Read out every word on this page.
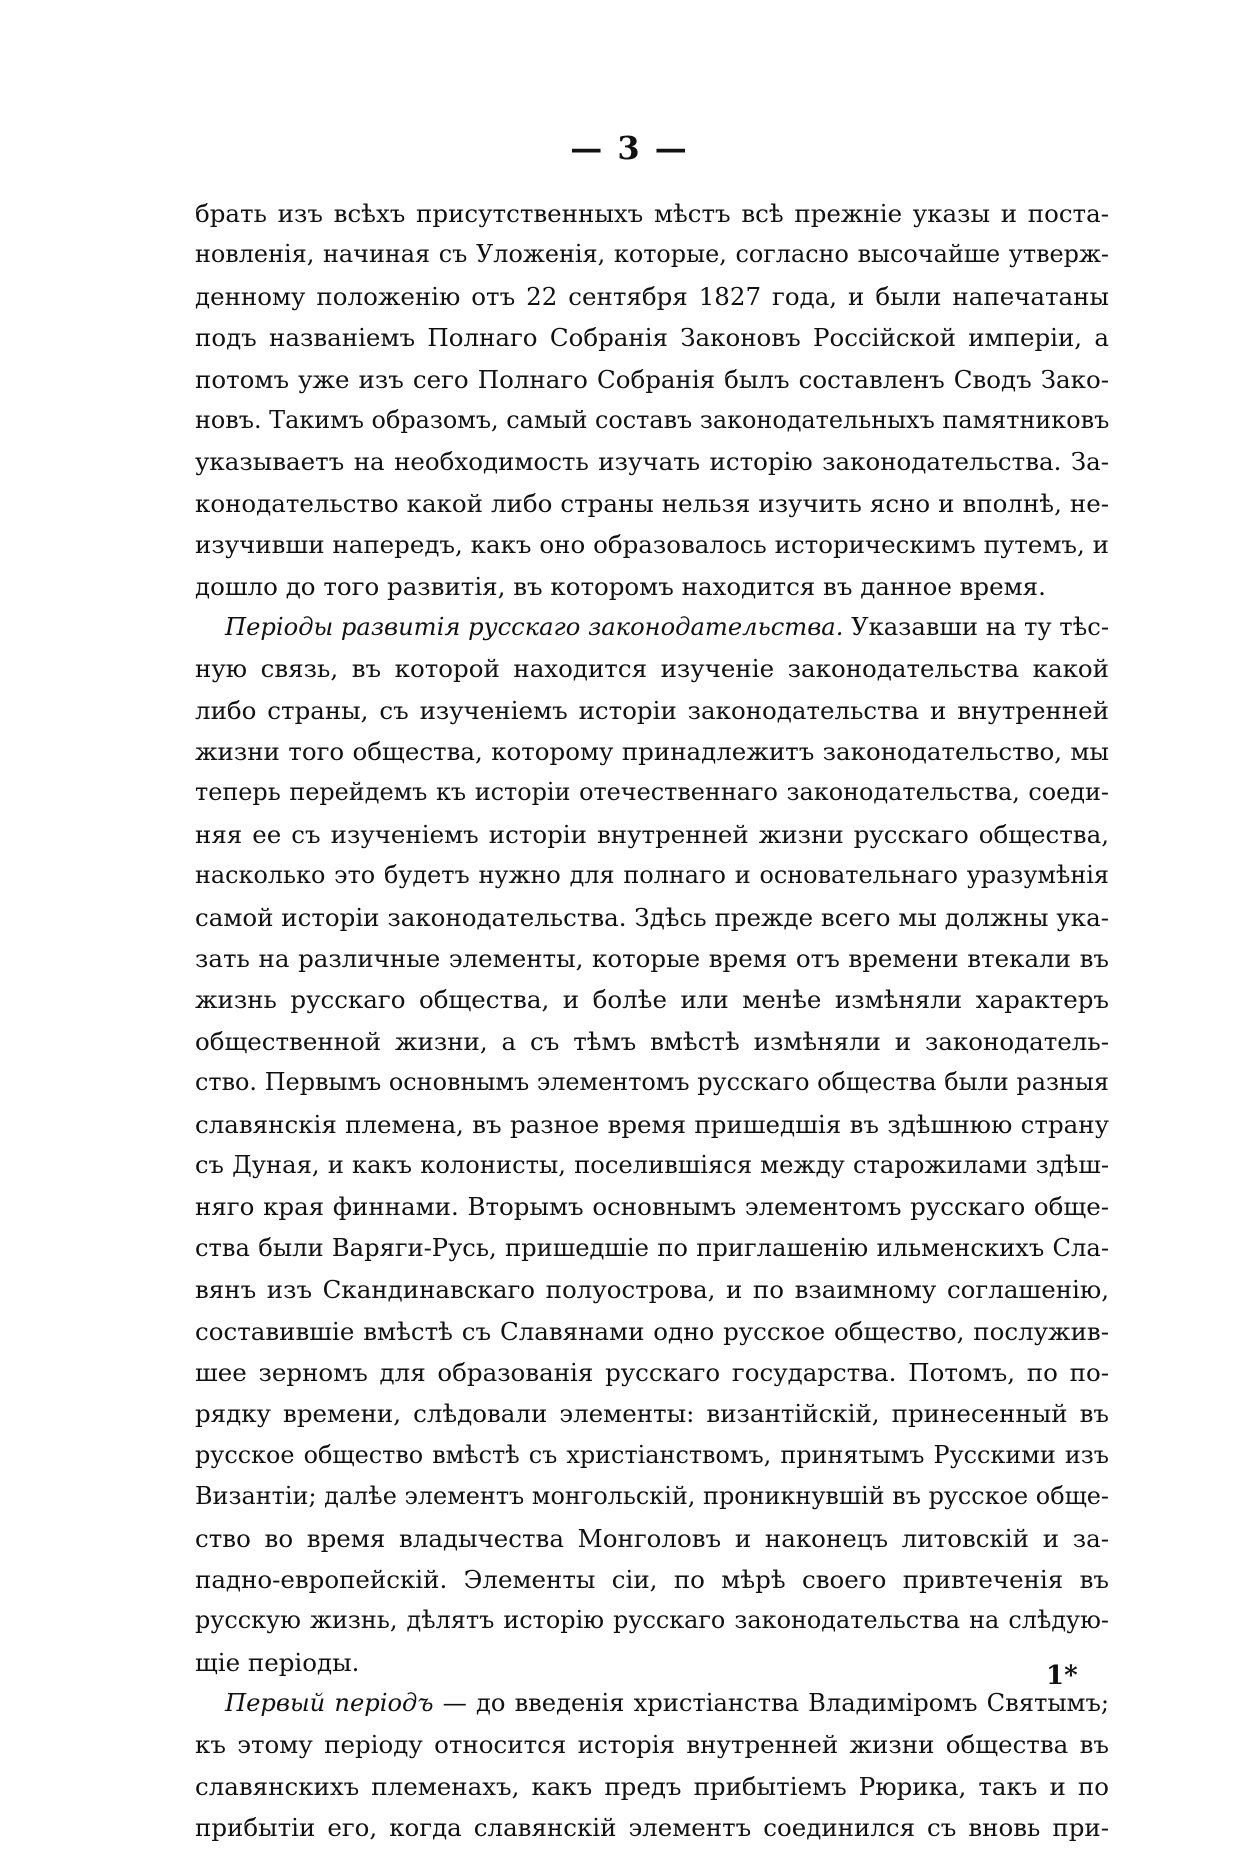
— 3 —
брать изъ всѣхъ присутственныхъ мѣстъ всѣ прежніе указы и поста-
новленія, начиная съ Уложенія, которые, согласно высочайше утверж-
денному положенію отъ 22 сентября 1827 года, и были напечатаны
подъ названіемъ Полнаго Собранія Законовъ Россійской имперіи, а
потомъ уже изъ сего Полнаго Собранія былъ составленъ Сводъ Зако-
новъ. Такимъ образомъ, самый составъ законодательныхъ памятниковъ
указываетъ на необходимость изучать исторію законодательства. За-
конодательство какой либо страны нельзя изучить ясно и вполнѣ, не-
изучивши напередъ, какъ оно образовалось историческимъ путемъ, и
дошло до того развитія, въ которомъ находится въ данное время.
Періоды развитія русскаго законодательства. Указавши на ту тѣс-
ную связь, въ которой находится изученіе законодательства какой
либо страны, съ изученіемъ исторіи законодательства и внутренней
жизни того общества, которому принадлежитъ законодательство, мы
теперь перейдемъ къ исторіи отечественнаго законодательства, соеди-
няя ее съ изученіемъ исторіи внутренней жизни русскаго общества,
насколько это будетъ нужно для полнаго и основательнаго уразумѣнія
самой исторіи законодательства. Здѣсь прежде всего мы должны ука-
зать на различные элементы, которые время отъ времени втекали въ
жизнь русскаго общества, и болѣе или менѣе измѣняли характеръ
общественной жизни, а съ тѣмъ вмѣстѣ измѣняли и законодатель-
ство. Первымъ основнымъ элементомъ русскаго общества были разныя
славянскія племена, въ разное время пришедшія въ здѣшнюю страну
съ Дуная, и какъ колонисты, поселившіяся между старожилами здѣш-
няго края финнами. Вторымъ основнымъ элементомъ русскаго обще-
ства были Варяги-Русь, пришедшіе по приглашенію ильменскихъ Сла-
вянъ изъ Скандинавскаго полуострова, и по взаимному соглашенію,
составившіе вмѣстѣ съ Славянами одно русское общество, послужив-
шее зерномъ для образованія русскаго государства. Потомъ, по по-
рядку времени, слѣдовали элементы: византійскій, принесенный въ
русское общество вмѣстѣ съ христіанствомъ, принятымъ Русскими изъ
Византіи; далѣе элементъ монгольскій, проникнувшій въ русское обще-
ство во время владычества Монголовъ и наконецъ литовскій и за-
падно-европейскій. Элементы сіи, по мѣрѣ своего привтеченія въ
русскую жизнь, дѣлятъ исторію русскаго законодательства на слѣдую-
щіе періоды.
Первый періодъ — до введенія христіанства Владиміромъ Святымъ;
къ этому періоду относится исторія внутренней жизни общества въ
славянскихъ племенахъ, какъ предъ прибытіемъ Рюрика, такъ и по
прибытіи его, когда славянскій элементъ соединился съ вновь при-
1*
